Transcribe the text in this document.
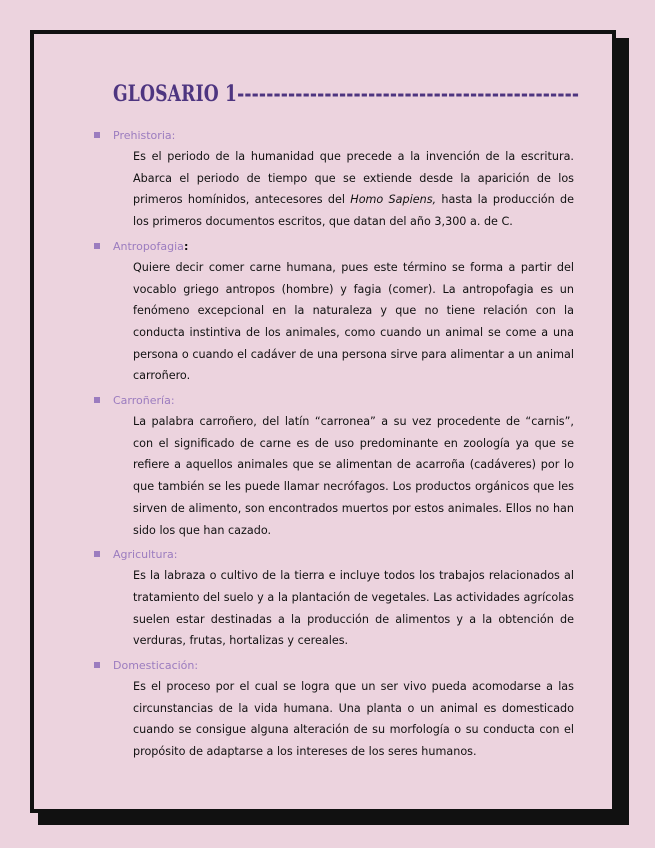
GLOSARIO 1-----------------------------------------------
Prehistoria:

Es el periodo de la humanidad que precede a la invención de la escritura. Abarca el periodo de tiempo que se extiende desde la aparición de los primeros homínidos, antecesores del Homo Sapiens, hasta la producción de los primeros documentos escritos, que datan del año 3,300 a. de C.

Antropofagia:

Quiere decir comer carne humana, pues este término se forma a partir del vocablo griego antropos (hombre) y fagia (comer). La antropofagia es un fenómeno excepcional en la naturaleza y que no tiene relación con la conducta instintiva de los animales, como cuando un animal se come a una persona o cuando el cadáver de una persona sirve para alimentar a un animal carroñero.

Carroñería:

La palabra carroñero, del latín “carronea” a su vez procedente de “carnis”, con el significado de carne es de uso predominante en zoología ya que se refiere a aquellos animales que se alimentan de acarroña (cadáveres) por lo que también se les puede llamar necrófagos. Los productos orgánicos que les sirven de alimento, son encontrados muertos por estos animales. Ellos no han sido los que han cazado.

Agricultura:

Es la labraza o cultivo de la tierra e incluye todos los trabajos relacionados al tratamiento del suelo y a la plantación de vegetales. Las actividades agrícolas suelen estar destinadas a la producción de alimentos y a la obtención de verduras, frutas, hortalizas y cereales.

Domesticación:

Es el proceso por el cual se logra que un ser vivo pueda acomodarse a las circunstancias de la vida humana. Una planta o un animal es domesticado cuando se consigue alguna alteración de su morfología o su conducta con el propósito de adaptarse a los intereses de los seres humanos.
